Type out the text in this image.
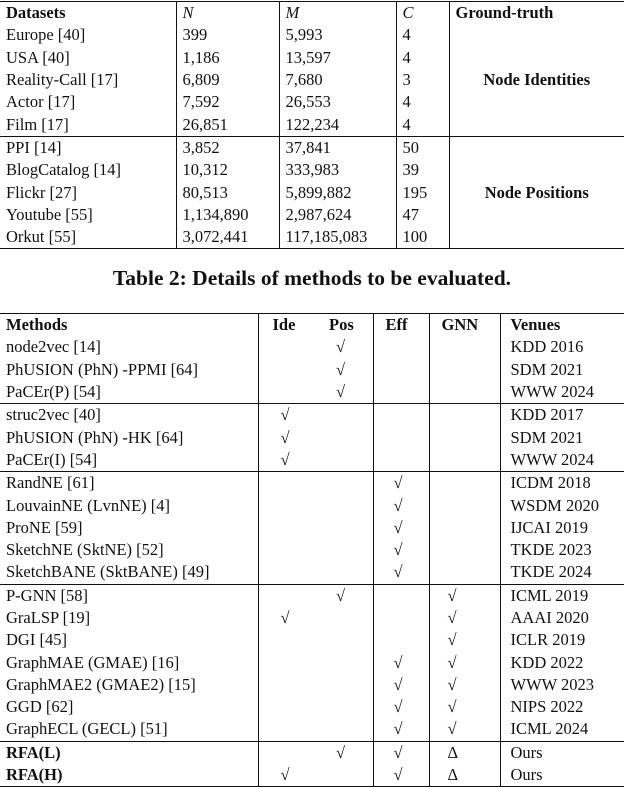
Datasets	N	M	C	Ground-truth
Europe [40]	399	5,993	4	Node Identities
USA [40]	1,186	13,597	4	
Reality-Call [17]	6,809	7,680	3	
Actor [17]	7,592	26,553	4	
Film [17]	26,851	122,234	4	
PPI [14]	3,852	37,841	50	Node Positions
BlogCatalog [14]	10,312	333,983	39	
Flickr [27]	80,513	5,899,882	195	
Youtube [55]	1,134,890	2,987,624	47	
Orkut [55]	3,072,441	117,185,083	100	
Table 2: Details of methods to be evaluated.
Methods	Ide	Pos	Eff	GNN	Venues
node2vec [14]		√			KDD 2016
PhUSION (PhN) -PPMI [64]		√			SDM 2021
PaCEr(P) [54]		√			WWW 2024
struc2vec [40]	√				KDD 2017
PhUSION (PhN) -HK [64]	√				SDM 2021
PaCEr(I) [54]	√				WWW 2024
RandNE [61]			√		ICDM 2018
LouvainNE (LvnNE) [4]			√		WSDM 2020
ProNE [59]			√		IJCAI 2019
SketchNE (SktNE) [52]			√		TKDE 2023
SketchBANE (SktBANE) [49]			√		TKDE 2024
P-GNN [58]		√		√	ICML 2019
GraLSP [19]	√			√	AAAI 2020
DGI [45]				√	ICLR 2019
GraphMAE (GMAE) [16]			√	√	KDD 2022
GraphMAE2 (GMAE2) [15]			√	√	WWW 2023
GGD [62]			√	√	NIPS 2022
GraphECL (GECL) [51]			√	√	ICML 2024
RFA(L)		√	√	Δ	Ours
RFA(H)	√		√	Δ	Ours
